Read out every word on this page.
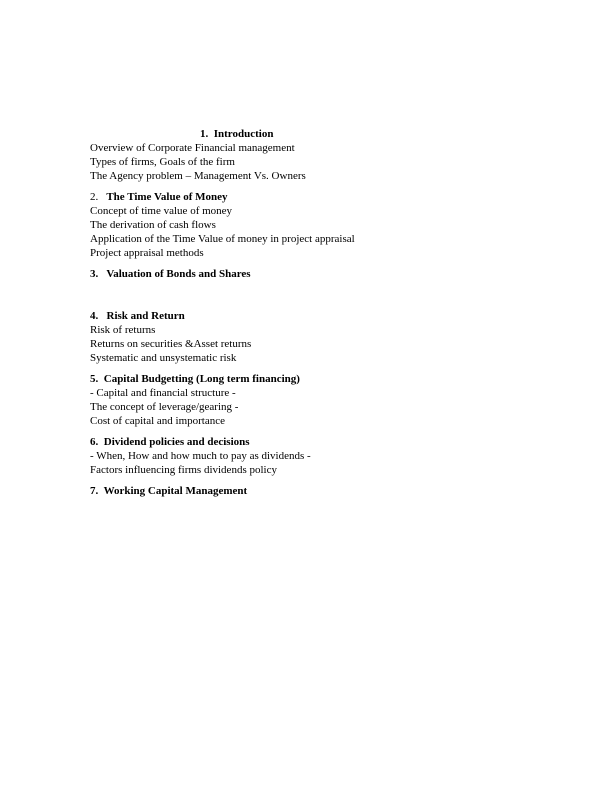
1. Introduction
Overview of Corporate Financial management
Types of firms, Goals of the firm
The Agency problem – Management Vs. Owners
2. The Time Value of Money
Concept of time value of money
The derivation of cash flows
Application of the Time Value of money in project appraisal
Project appraisal methods
3. Valuation of Bonds and Shares
4. Risk and Return
Risk of returns
Returns on securities &Asset returns
Systematic and unsystematic risk
5. Capital Budgetting (Long term financing)
- Capital and financial structure -
The concept of leverage/gearing -
Cost of capital and importance
6. Dividend policies and decisions
- When, How and how much to pay as dividends -
Factors influencing firms dividends policy
7. Working Capital Management
